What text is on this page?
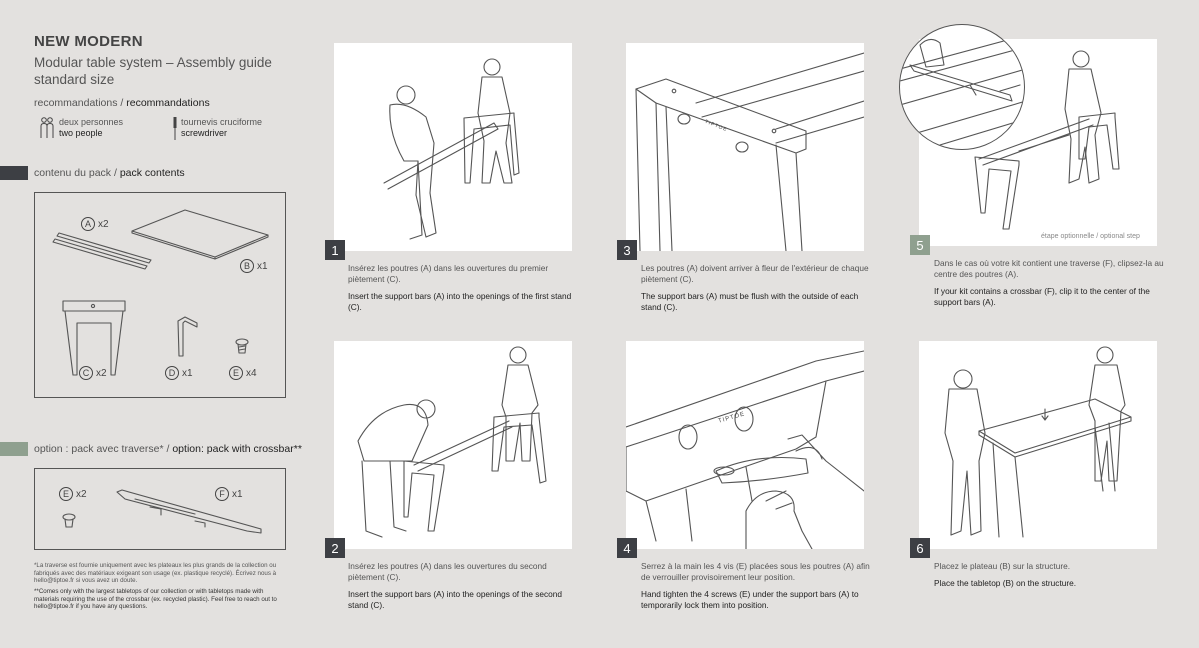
NEW MODERN
Modular table system – Assembly guide standard size
recommandations / recommandations
deux personnes
two people
tournevis cruciforme
screwdriver
contenu du pack / pack contents
A x2
B x1
C x2	D x1	E x4
option : pack avec traverse* / option: pack with crossbar**
E x2	F x1
*La traverse est fournie uniquement avec les plateaux les plus grands de la collection ou fabriqués avec des matériaux exigeant son usage (ex. plastique recyclé). Écrivez nous à hello@tiptoe.fr si vous avez un doute.
**Comes only with the largest tabletops of our collection or with tabletops made with materials requiring the use of the crossbar (ex. recycled plastic). Feel free to reach out to hello@tiptoe.fr if you have any questions.
1
Insérez les poutres (A) dans les ouvertures du premier piètement (C).
Insert the support bars (A) into the openings of the first stand (C).
2
Insérez les poutres (A) dans les ouvertures du second piètement (C).
Insert the support bars (A) into the openings of the second stand (C).
TIPTOE
3
Les poutres (A) doivent arriver à fleur de l'extérieur de chaque piètement (C).
The support bars (A) must be flush with the outside of each stand (C).
TIPTOE
4
Serrez à la main les 4 vis (E) placées sous les poutres (A) afin de verrouiller provisoirement leur position.
Hand tighten the 4 screws (E) under the support bars (A) to temporarily lock them into position.
étape optionnelle / optional step
5
Dans le cas où votre kit contient une traverse (F), clipsez-la au centre des poutres (A).
If your kit contains a crossbar (F), clip it to the center of the support bars (A).
6
Placez le plateau (B) sur la structure.
Place the tabletop (B) on the structure.
